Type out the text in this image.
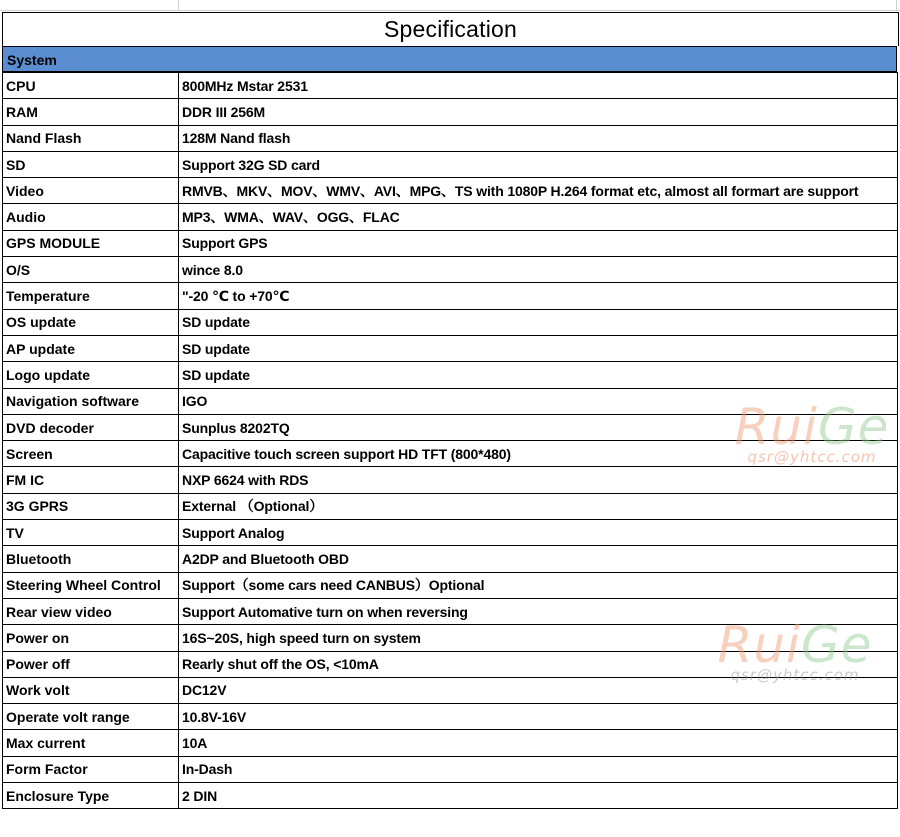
Specification
System
CPU	800MHz Mstar 2531
RAM	DDR III 256M
Nand Flash	128M Nand flash
SD	Support 32G SD card
Video	RMVB、MKV、MOV、WMV、AVI、MPG、TS with 1080P H.264 format etc, almost all formart are support
Audio	MP3、WMA、WAV、OGG、FLAC
GPS MODULE	Support GPS
O/S	wince 8.0
Temperature	"-20 ℃ to +70℃
OS update	SD update
AP update	SD update
Logo update	SD update
Navigation software	IGO
DVD decoder	Sunplus 8202TQ
Screen	Capacitive touch screen support HD TFT (800*480)
FM IC	NXP 6624 with RDS
3G GPRS	External （Optional）
TV	Support Analog
Bluetooth	A2DP and Bluetooth OBD
Steering Wheel Control	Support（some cars need CANBUS）Optional
Rear view video	Support Automative turn on when reversing
Power on	16S~20S, high speed turn on system
Power off	Rearly shut off the OS, <10mA
Work volt	DC12V
Operate volt range	10.8V-16V
Max current	10A
Form Factor	In-Dash
Enclosure Type	2 DIN
RuiGe
qsr@yhtcc.com
RuiGe
qsr@yhtcc.com
